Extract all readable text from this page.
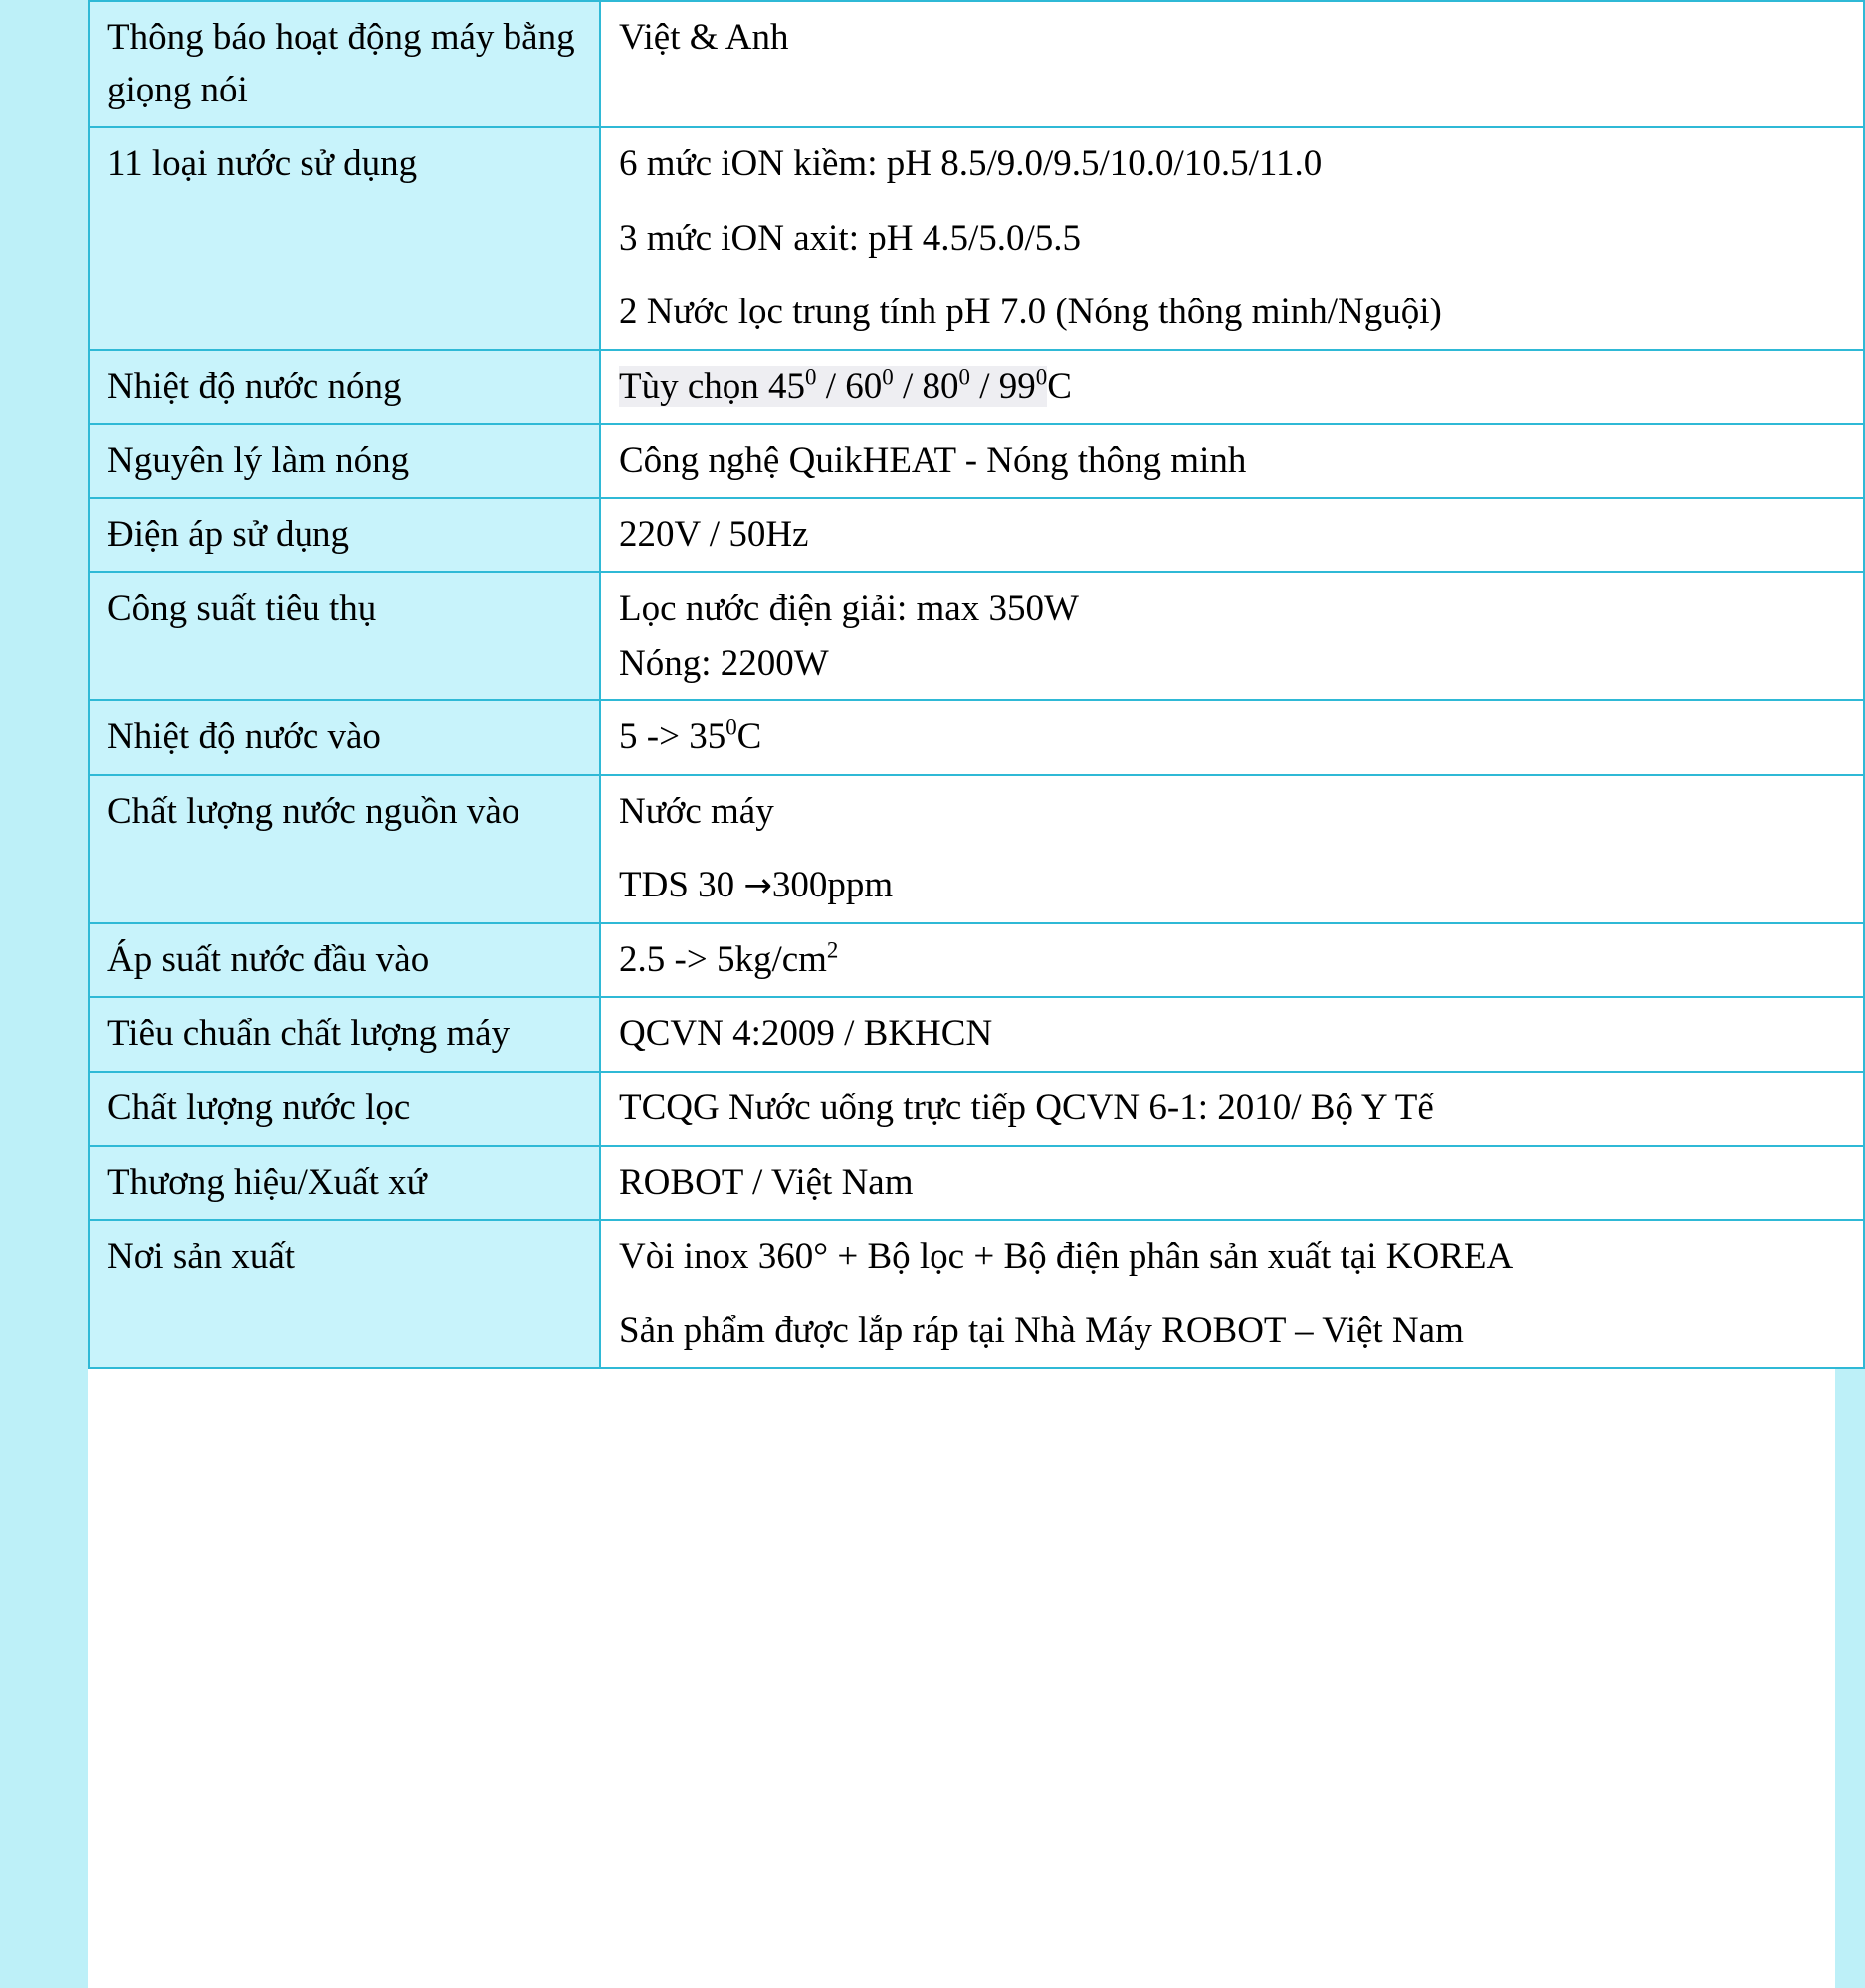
Thông báo hoạt động máy bằng giọng nói	Việt & Anh

11 loại nước sử dụng	6 mức iON kiềm: pH 8.5/9.0/9.5/10.0/10.5/11.0
3 mức iON axit: pH 4.5/5.0/5.5
2 Nước lọc trung tính pH 7.0 (Nóng thông minh/Nguội)

Nhiệt độ nước nóng	Tùy chọn $45^0 / 60^0 / 80^0 / 99^0C$

Nguyên lý làm nóng	Công nghệ QuikHEAT - Nóng thông minh

Điện áp sử dụng	220V / 50Hz

Công suất tiêu thụ	Lọc nước điện giải: max 350W
Nóng: 2200W

Nhiệt độ nước vào	$5 -> 35^0C$

Chất lượng nước nguồn vào	Nước máy
TDS 30 →300ppm

Áp suất nước đầu vào	$2.5 -> 5kg/cm^2$

Tiêu chuẩn chất lượng máy	QCVN 4:2009 / BKHCN

Chất lượng nước lọc	TCQG Nước uống trực tiếp QCVN 6-1: 2010/ Bộ Y Tế

Thương hiệu/Xuất xứ	ROBOT / Việt Nam

Nơi sản xuất	Vòi inox 360° + Bộ lọc + Bộ điện phân sản xuất tại KOREA
Sản phẩm được lắp ráp tại Nhà Máy ROBOT – Việt Nam
